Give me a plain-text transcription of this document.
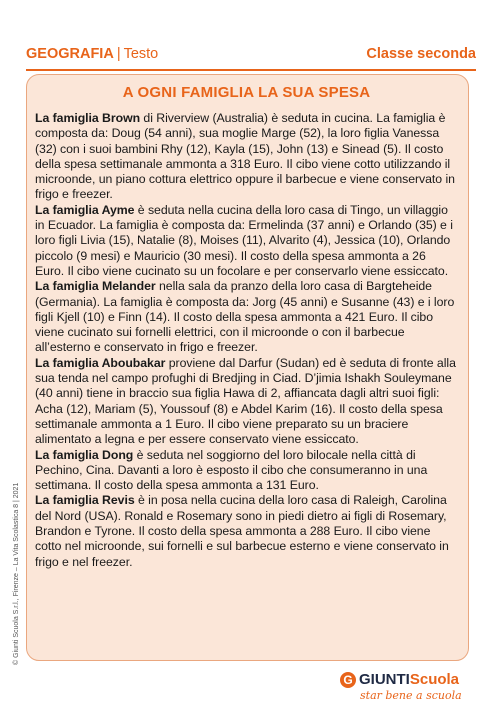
GEOGRAFIA | Testo	Classe seconda
A OGNI FAMIGLIA LA SUA SPESA

La famiglia Brown di Riverview (Australia) è seduta in cucina. La famiglia è composta da: Doug (54 anni), sua moglie Marge (52), la loro figlia Vanessa (32) con i suoi bambini Rhy (12), Kayla (15), John (13) e Sinead (5). Il costo della spesa settimanale ammonta a 318 Euro. Il cibo viene cotto utilizzando il microonde, un piano cottura elettrico oppure il barbecue e viene conservato in frigo e freezer.

La famiglia Ayme è seduta nella cucina della loro casa di Tingo, un villaggio in Ecuador. La famiglia è composta da: Ermelinda (37 anni) e Orlando (35) e i loro figli Livia (15), Natalie (8), Moises (11), Alvarito (4), Jessica (10), Orlando piccolo (9 mesi) e Mauricio (30 mesi). Il costo della spesa ammonta a 26 Euro. Il cibo viene cucinato su un focolare e per conservarlo viene essiccato.

La famiglia Melander nella sala da pranzo della loro casa di Bargteheide (Germania). La famiglia è composta da: Jorg (45 anni) e Susanne (43) e i loro figli Kjell (10) e Finn (14). Il costo della spesa ammonta a 421 Euro. Il cibo viene cucinato sui fornelli elettrici, con il microonde o con il barbecue all’esterno e conservato in frigo e freezer.

La famiglia Aboubakar proviene dal Darfur (Sudan) ed è seduta di fronte alla sua tenda nel campo profughi di Bredjing in Ciad. D’jimia Ishakh Souleymane (40 anni) tiene in braccio sua figlia Hawa di 2, affiancata dagli altri suoi figli: Acha (12), Mariam (5), Youssouf (8) e Abdel Karim (16). Il costo della spesa settimanale ammonta a 1 Euro. Il cibo viene preparato su un braciere alimentato a legna e per essere conservato viene essiccato.

La famiglia Dong è seduta nel soggiorno del loro bilocale nella città di Pechino, Cina. Davanti a loro è esposto il cibo che consumeranno in una settimana. Il costo della spesa ammonta a 131 Euro.

La famiglia Revis è in posa nella cucina della loro casa di Raleigh, Carolina del Nord (USA). Ronald e Rosemary sono in piedi dietro ai figli di Rosemary, Brandon e Tyrone. Il costo della spesa ammonta a 288 Euro. Il cibo viene cotto nel microonde, sui fornelli e sul barbecue esterno e viene conservato in frigo e nel freezer.

© Giunti Scuola S.r.l., Firenze – La Vita Scolastica 8 | 2021
G GIUNTI Scuola
star bene a scuola
